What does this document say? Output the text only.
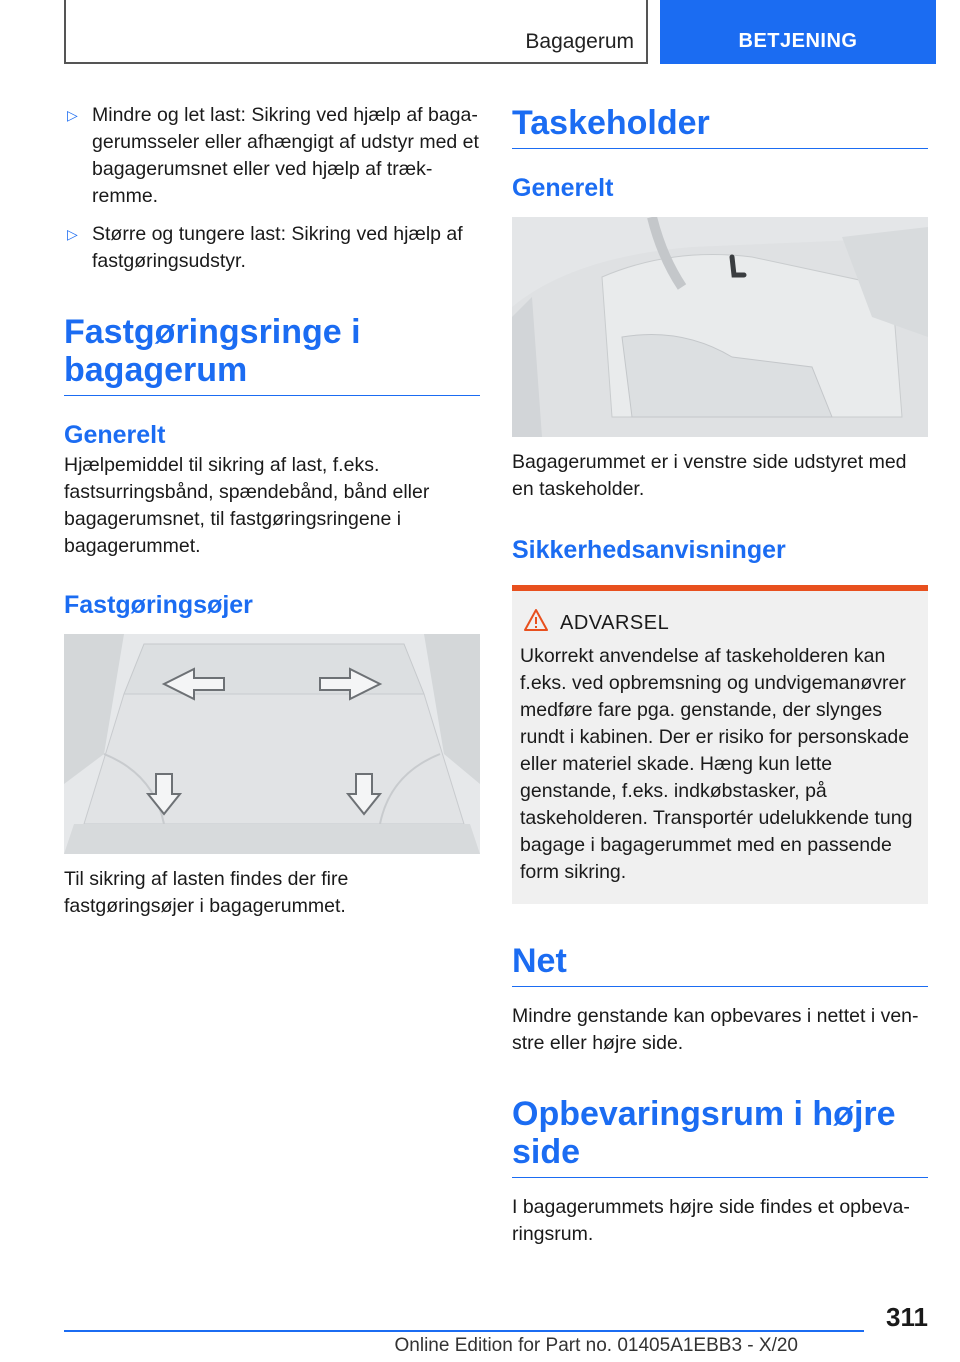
Bagagerum	BETJENING
▷ Mindre og let last: Sikring ved hjælp af bagagerumsseler eller afhængigt af udstyr med et bagagerumsnet eller ved hjælp af trækremme.
▷ Større og tungere last: Sikring ved hjælp af fastgøringsudstyr.
Fastgøringsringe i bagagerum
Generelt

Hjælpemiddel til sikring af last, f.eks. fastsurringsbånd, spændebånd, bånd eller bagagerumsnet, til fastgøringsringene i bagagerummet.

Fastgøringsøjer

Til sikring af lasten findes der fire fastgøringsøjer i bagagerummet.

Taskeholder
Generelt

Bagagerummet er i venstre side udstyret med en taskeholder.

Sikkerhedsanvisninger
ADVARSEL

Ukorrekt anvendelse af taskeholderen kan f.eks. ved opbremsning og undvigemanøvrer medføre fare pga. genstande, der slynges rundt i kabinen. Der er risiko for personskade eller materiel skade. Hæng kun lette genstande, f.eks. indkøbstasker, på taskeholderen. Transportér udelukkende tung bagage i bagagerummet med en passende form sikring.

Net

Mindre genstande kan opbevares i nettet i venstre eller højre side.

Opbevaringsrum i højre side

I bagagerummets højre side findes et opbevaringsrum.

311
Online Edition for Part no. 01405A1EBB3 - X/20
